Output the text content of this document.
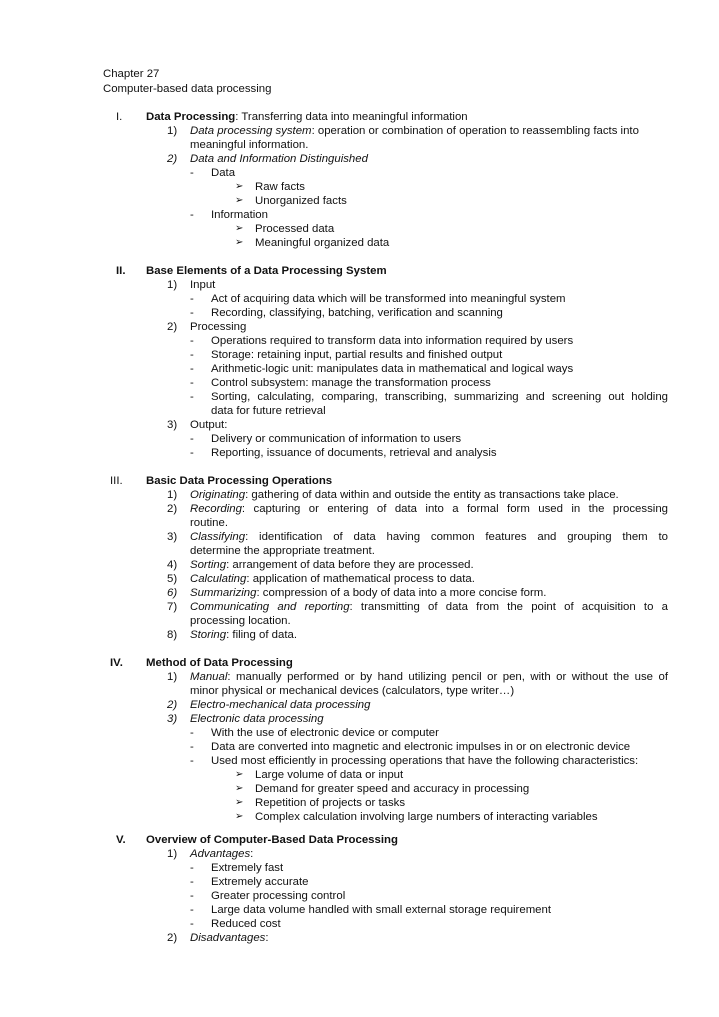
Chapter 27
Computer-based data processing
I. Data Processing: Transferring data into meaningful information
1) Data processing system: operation or combination of operation to reassembling facts into
meaningful information.
2) Data and Information Distinguished
- Data
➢ Raw facts
➢ Unorganized facts
- Information
➢ Processed data
➢ Meaningful organized data
II. Base Elements of a Data Processing System
1) Input
- Act of acquiring data which will be transformed into meaningful system
- Recording, classifying, batching, verification and scanning
2) Processing
- Operations required to transform data into information required by users
- Storage: retaining input, partial results and finished output
- Arithmetic-logic unit: manipulates data in mathematical and logical ways
- Control subsystem: manage the transformation process
- Sorting, calculating, comparing, transcribing, summarizing and screening out holding
data for future retrieval
3) Output:
- Delivery or communication of information to users
- Reporting, issuance of documents, retrieval and analysis
III. Basic Data Processing Operations
1) Originating: gathering of data within and outside the entity as transactions take place.
2) Recording: capturing or entering of data into a formal form used in the processing
routine.
3) Classifying: identification of data having common features and grouping them to
determine the appropriate treatment.
4) Sorting: arrangement of data before they are processed.
5) Calculating: application of mathematical process to data.
6) Summarizing: compression of a body of data into a more concise form.
7) Communicating and reporting: transmitting of data from the point of acquisition to a
processing location.
8) Storing: filing of data.
IV. Method of Data Processing
1) Manual: manually performed or by hand utilizing pencil or pen, with or without the use of
minor physical or mechanical devices (calculators, type writer…)
2) Electro-mechanical data processing
3) Electronic data processing
- With the use of electronic device or computer
- Data are converted into magnetic and electronic impulses in or on electronic device
- Used most efficiently in processing operations that have the following characteristics:
➢ Large volume of data or input
➢ Demand for greater speed and accuracy in processing
➢ Repetition of projects or tasks
➢ Complex calculation involving large numbers of interacting variables
V. Overview of Computer-Based Data Processing
1) Advantages:
- Extremely fast
- Extremely accurate
- Greater processing control
- Large data volume handled with small external storage requirement
- Reduced cost
2) Disadvantages:
